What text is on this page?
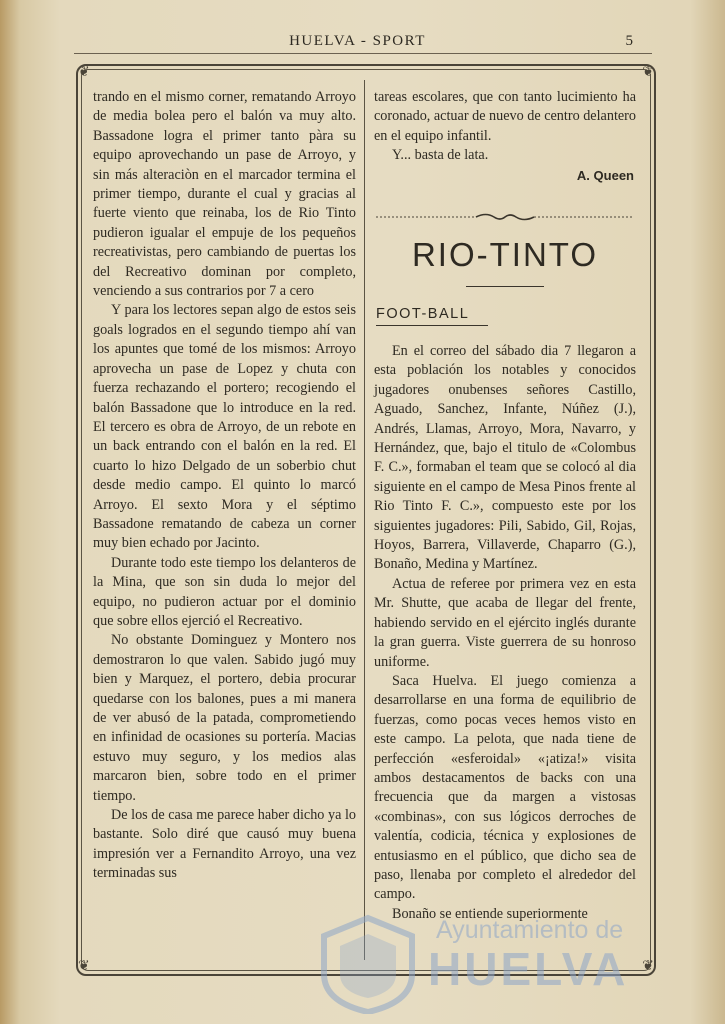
HUELVA - SPORT	5
❦	❦
❦	❦

trando en el mismo corner, rematando Arroyo de media bolea pero el balón va muy alto. Bassadone logra el primer tanto pàra su equipo aprovechando un pase de Arroyo, y sin más alteraciòn en el marcador termina el primer tiempo, durante el cual y gracias al fuerte viento que reinaba, los de Rio Tinto pudieron igualar el empuje de los pequeños recreativistas, pero cambiando de puertas los del Recreativo dominan por completo, venciendo a sus contrarios por 7 a cero

Y para los lectores sepan algo de estos seis goals logrados en el segundo tiempo ahí van los apuntes que tomé de los mismos: Arroyo aprovecha un pase de Lopez y chuta con fuerza rechazando el portero; recogiendo el balón Bassadone que lo introduce en la red. El tercero es obra de Arroyo, de un rebote en un back entrando con el balón en la red. El cuarto lo hizo Delgado de un soberbio chut desde medio campo. El quinto lo marcó Arroyo. El sexto Mora y el séptimo Bassadone rematando de cabeza un corner muy bien echado por Jacinto.

Durante todo este tiempo los delanteros de la Mina, que son sin duda lo mejor del equipo, no pudieron actuar por el dominio que sobre ellos ejerció el Recreativo.

No obstante Dominguez y Montero nos demostraron lo que valen. Sabido jugó muy bien y Marquez, el portero, debia procurar quedarse con los balones, pues a mi manera de ver abusó de la patada, comprometiendo en infinidad de ocasiones su portería. Macias estuvo muy seguro, y los medios alas marcaron bien, sobre todo en el primer tiempo.

De los de casa me parece haber dicho ya lo bastante. Solo diré que causó muy buena impresión ver a Fernandito Arroyo, una vez terminadas sus

tareas escolares, que con tanto lucimiento ha coronado, actuar de nuevo de centro delantero en el equipo infantil.

Y... basta de lata.

A. Queen

RIO-TINTO
FOOT-BALL

En el correo del sábado dia 7 llegaron a esta población los notables y conocidos jugadores onubenses señores Castillo, Aguado, Sanchez, Infante, Núñez (J.), Andrés, Llamas, Arroyo, Mora, Navarro, y Hernández, que, bajo el titulo de «Colombus F. C.», formaban el team que se colocó al dia siguiente en el campo de Mesa Pinos frente al Rio Tinto F. C.», compuesto este por los siguientes jugadores: Pili, Sabido, Gil, Rojas, Hoyos, Barrera, Villaverde, Chaparro (G.), Bonaño, Medina y Martínez.

Actua de referee por primera vez en esta Mr. Shutte, que acaba de llegar del frente, habiendo servido en el ejército inglés durante la gran guerra. Viste guerrera de su honroso uniforme.

Saca Huelva. El juego comienza a desarrollarse en una forma de equilibrio de fuerzas, como pocas veces hemos visto en este campo. La pelota, que nada tiene de perfección «esferoidal» «¡atiza!» visita ambos destacamentos de backs con una frecuencia que da margen a vistosas «combinas», con sus lógicos derroches de valentía, codicia, técnica y explosiones de entusiasmo en el público, que dicho sea de paso, llenaba por completo el alrededor del campo.

Bonaño se entiende superiormente

Ayuntamiento de
HUELVA
